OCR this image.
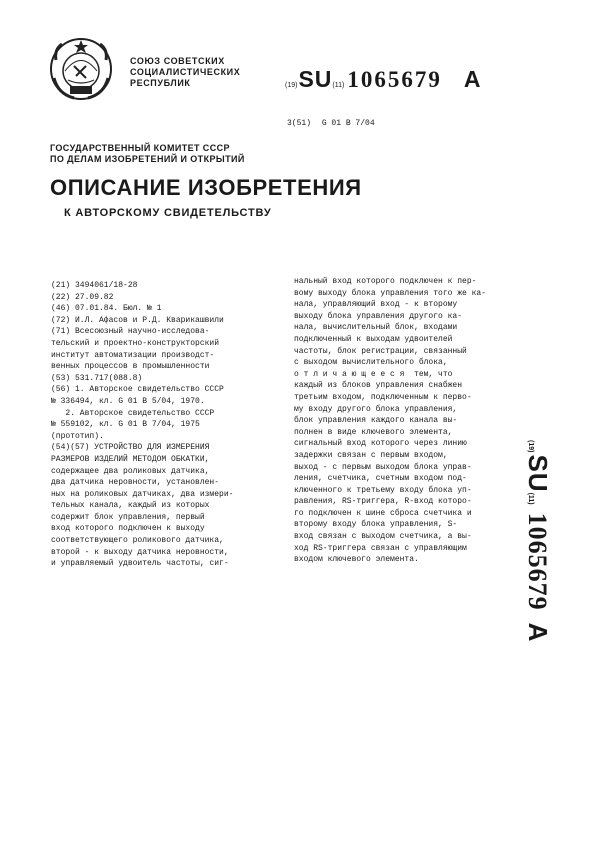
СОЮЗ СОВЕТСКИХ
СОЦИАЛИСТИЧЕСКИХ
РЕСПУБЛИК	(19) SU (11) 1065679 A
3(51) G 01 B 7/04
ГОСУДАРСТВЕННЫЙ КОМИТЕТ СССР
ПО ДЕЛАМ ИЗОБРЕТЕНИЙ И ОТКРЫТИЙ
ОПИСАНИЕ ИЗОБРЕТЕНИЯ
К АВТОРСКОМУ СВИДЕТЕЛЬСТВУ
(21) 3494061/18-28
(22) 27.09.82
(46) 07.01.84. Бюл. № 1
(72) И.Л. Афасов и Р.Д. Кварикашвили
(71) Всесоюзный научно-исследова-
тельский и проектно-конструкторский
институт автоматизации производст-
венных процессов в промышленности
(53) 531.717(088.8)
(56) 1. Авторское свидетельство СССР
№ 336494, кл. G 01 B 5/04, 1970.
2. Авторское свидетельство СССР
№ 559102, кл. G 01 B 7/04, 1975
(прототип).
(54)(57) УСТРОЙСТВО ДЛЯ ИЗМЕРЕНИЯ
РАЗМЕРОВ ИЗДЕЛИЙ МЕТОДОМ ОБКАТКИ,
содержащее два роликовых датчика,
два датчика неровности, установлен-
ных на роликовых датчиках, два измери-
тельных канала, каждый из которых
содержит блок управления, первый
вход которого подключен к выходу
соответствующего роликового датчика,
второй - к выходу датчика неровности,
и управляемый удвоитель частоты, сиг-
нальный вход которого подключен к пер-
вому выходу блока управления того же ка-
нала, управляющий вход - к второму
выходу блока управления другого ка-
нала, вычислительный блок, входами
подключенный к выходам удвоителей
частоты, блок регистрации, связанный
с выходом вычислительного блока,
о т л и ч а ю щ е е с я  тем, что
каждый из блоков управления снабжен
третьим входом, подключенным к перво-
му входу другого блока управления,
блок управления каждого канала вы-
полнен в виде ключевого элемента,
сигнальный вход которого через линию
задержки связан с первым входом,
выход - с первым выходом блока управ-
ления, счетчика, счетным входом под-
ключенного к третьему входу блока уп-
равления, RS-триггера, R-вход которо-
го подключен к шине сброса счетчика и
второму входу блока управления, S-
вход связан с выходом счетчика, а вы-
ход RS-триггера связан с управляющим
входом ключевого элемента.
(19)
SU
(11)
1065679
A
